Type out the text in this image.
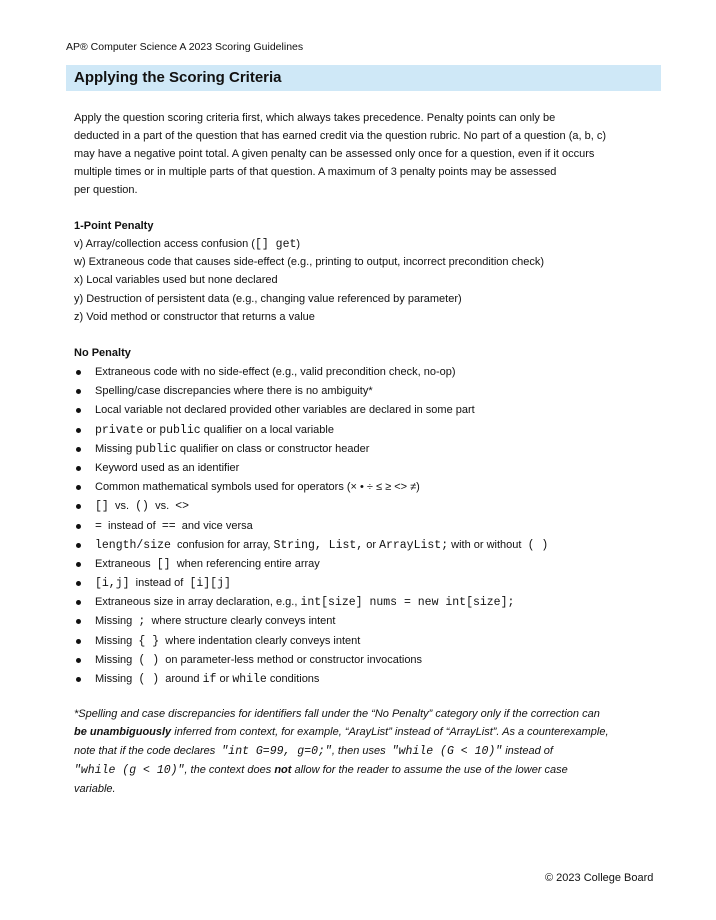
AP® Computer Science A 2023 Scoring Guidelines
Applying the Scoring Criteria
Apply the question scoring criteria first, which always takes precedence. Penalty points can only be
deducted in a part of the question that has earned credit via the question rubric. No part of a question (a, b, c)
may have a negative point total. A given penalty can be assessed only once for a question, even if it occurs
multiple times or in multiple parts of that question. A maximum of 3 penalty points may be assessed
per question.
1-Point Penalty
v) Array/collection access confusion ([] get)
w) Extraneous code that causes side-effect (e.g., printing to output, incorrect precondition check)
x) Local variables used but none declared
y) Destruction of persistent data (e.g., changing value referenced by parameter)
z) Void method or constructor that returns a value
No Penalty
Extraneous code with no side-effect (e.g., valid precondition check, no-op)
Spelling/case discrepancies where there is no ambiguity*
Local variable not declared provided other variables are declared in some part
private or public qualifier on a local variable
Missing public qualifier on class or constructor header
Keyword used as an identifier
Common mathematical symbols used for operators (× • ÷ ≤ ≥ <> ≠)
[] vs. () vs. <>
= instead of == and vice versa
length/size confusion for array, String, List, or ArrayList; with or without ( )
Extraneous [] when referencing entire array
[i,j] instead of [i][j]
Extraneous size in array declaration, e.g., int[size] nums = new int[size];
Missing ; where structure clearly conveys intent
Missing { } where indentation clearly conveys intent
Missing ( ) on parameter-less method or constructor invocations
Missing ( ) around if or while conditions
*Spelling and case discrepancies for identifiers fall under the “No Penalty” category only if the correction can
be unambiguously inferred from context, for example, “ArayList” instead of “ArrayList”. As a counterexample,
note that if the code declares  "int G=99, g=0;", then uses  "while (G < 10)" instead of
"while (g < 10)", the context does not allow for the reader to assume the use of the lower case
variable.
© 2023 College Board
